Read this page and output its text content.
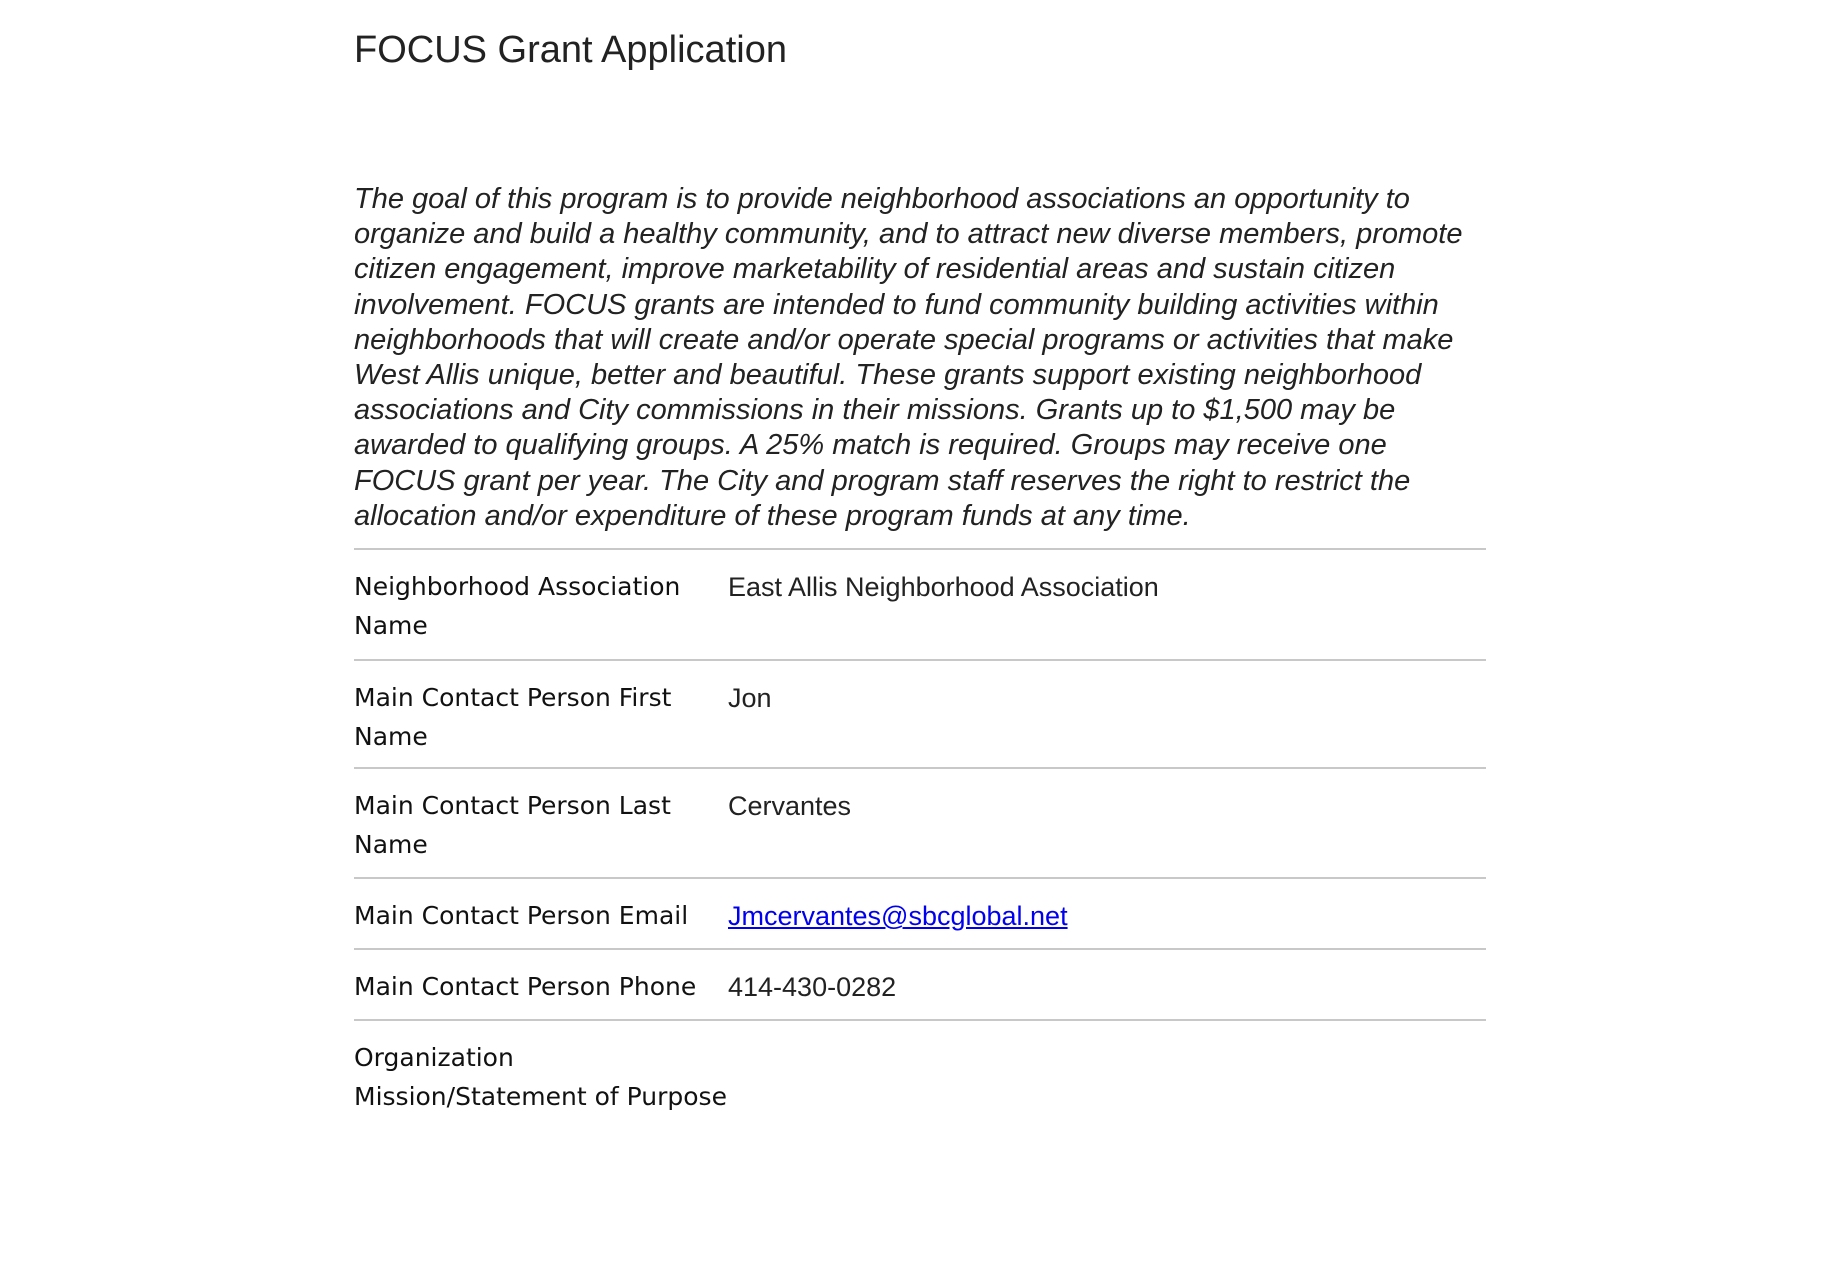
FOCUS Grant Application

The goal of this program is to provide neighborhood associations an opportunity to organize and build a healthy community, and to attract new diverse members, promote citizen engagement, improve marketability of residential areas and sustain citizen involvement. FOCUS grants are intended to fund community building activities within neighborhoods that will create and/or operate special programs or activities that make West Allis unique, better and beautiful. These grants support existing neighborhood associations and City commissions in their missions. Grants up to $1,500 may be awarded to qualifying groups. A 25% match is required. Groups may receive one FOCUS grant per year. The City and program staff reserves the right to restrict the allocation and/or expenditure of these program funds at any time.

Neighborhood Association Name
East Allis Neighborhood Association
Main Contact Person First Name
Jon
Main Contact Person Last Name
Cervantes
Main Contact Person Email	Jmcervantes@sbcglobal.net
Main Contact Person Phone	414-430-0282
Organization Mission/Statement of Purpose
